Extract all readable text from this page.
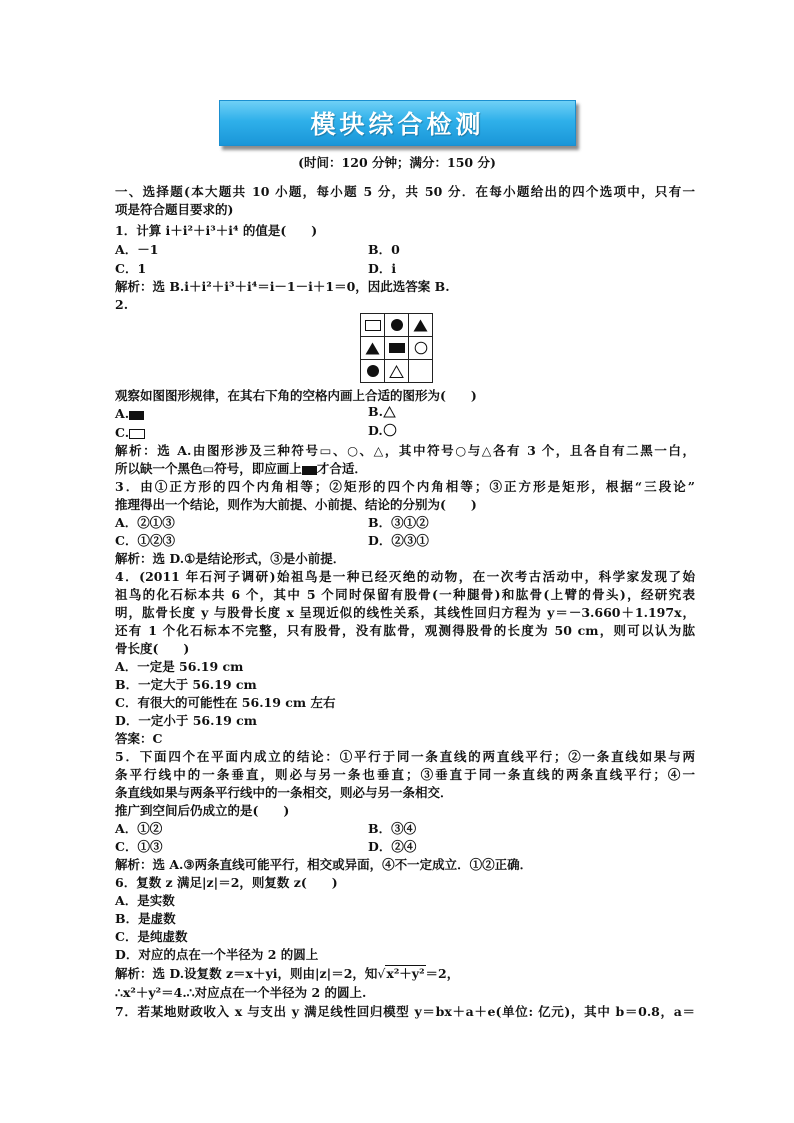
模块综合检测
(时间：120 分钟；满分：150 分)
一、选择题(本大题共 10 小题，每小题 5 分，共 50 分．在每小题给出的四个选项中，只有一
项是符合题目要求的)
1．计算 i＋i²＋i³＋i⁴ 的值是(　　)
A．－1	B．0
C．1	D．i
解析：选 B.i＋i²＋i³＋i⁴＝i－1－i＋1＝0，因此选答案 B.
2.

观察如图图形规律，在其右下角的空格内画上合适的图形为(　　)
A.	B.
C.	D.
解析：选 A.由图形涉及三种符号▭、○、△，其中符号○与△各有 3 个，且各自有二黑一白，
所以缺一个黑色▭符号，即应画上 才合适．
3．由①正方形的四个内角相等；②矩形的四个内角相等；③正方形是矩形，根据“三段论”
推理得出一个结论，则作为大前提、小前提、结论的分别为(　　)
A．②①③	B．③①②
C．①②③	D．②③①
解析：选 D.①是结论形式，③是小前提．
4．(2011 年石河子调研)始祖鸟是一种已经灭绝的动物，在一次考古活动中，科学家发现了始
祖鸟的化石标本共 6 个，其中 5 个同时保留有股骨(一种腿骨)和肱骨(上臂的骨头)，经研究表
明，肱骨长度 y 与股骨长度 x 呈现近似的线性关系，其线性回归方程为 y＝－3.660＋1.197x，
还有 1 个化石标本不完整，只有股骨，没有肱骨，观测得股骨的长度为 50 cm，则可以认为肱
骨长度(　　)
A．一定是 56.19 cm
B．一定大于 56.19 cm
C．有很大的可能性在 56.19 cm 左右
D．一定小于 56.19 cm
答案：C
5．下面四个在平面内成立的结论：①平行于同一条直线的两直线平行；②一条直线如果与两
条平行线中的一条垂直，则必与另一条也垂直；③垂直于同一条直线的两条直线平行；④一
条直线如果与两条平行线中的一条相交，则必与另一条相交．
推广到空间后仍成立的是(　　)
A．①②	B．③④
C．①③	D．②④
解析：选 A.③两条直线可能平行，相交或异面，④不一定成立．①②正确．
6．复数 z 满足|z|＝2，则复数 z(　　)
A．是实数
B．是虚数
C．是纯虚数
D．对应的点在一个半径为 2 的圆上
解析：选 D.设复数 z＝x＋yi，则由|z|＝2，知√x²＋y²＝2，
∴x²＋y²＝4.∴对应点在一个半径为 2 的圆上.
7．若某地财政收入 x 与支出 y 满足线性回归模型 y＝bx＋a＋e(单位: 亿元)，其中 b＝0.8，a＝
